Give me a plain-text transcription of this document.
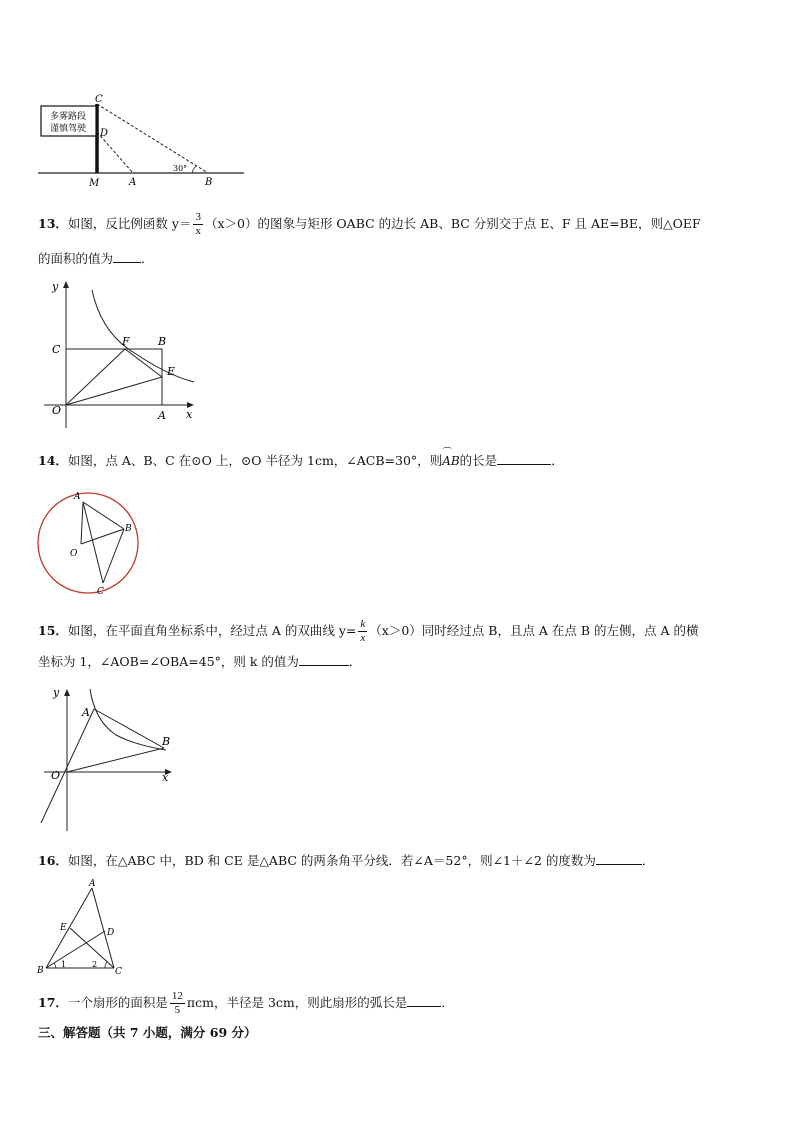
多雾路段
谨慎驾驶
C
D
M	A	B
30°
13．如图，反比例函数 $y= \frac{3}{x} (x>0)$的图象与矩形 OABC 的边长 AB、BC 分别交于点 E、F 且 AE=BE，则△OEF
的面积的值为 ．
y
x
O	A
B
C
E
F
14．如图，点 A、B、C 在⊙O 上，⊙O 半径为 1cm，∠ACB=30°，则⌒ AB的长是	．
A
B
C
O
15．如图，在平面直角坐标系中，经过点 A 的双曲线 $y= \frac{k}{x} (x>0)$同时经过点 B，且点 A 在点 B 的左侧，点 A 的横
坐标为 1，∠AOB=∠OBA=45°，则 k 的值为	．
y
x
O
A
B
16．如图，在△ABC 中，BD 和 CE 是△ABC 的两条角平分线．若∠A＝52°，则∠1＋∠2 的度数为	．
A
B	C
D
E
1	2
17．一个扇形的面积是 $\frac{12}{5}$ πcm，半径是 3cm，则此扇形的弧长是	．
三、解答题（共 7 小题，满分 69 分）
